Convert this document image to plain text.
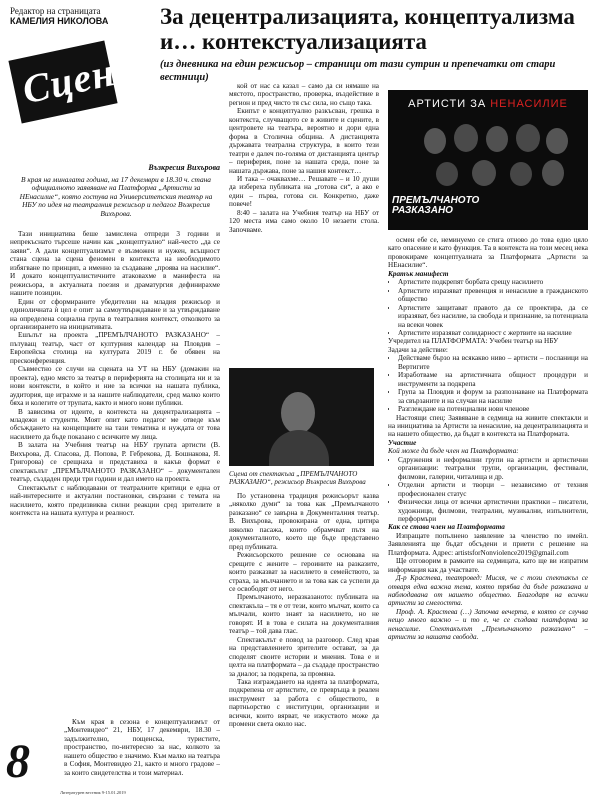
Редактор на страницата
КАМЕЛИЯ НИКОЛОВА
Сцена
За децентрализацията, концептуализма и… контекстуализацията
(из дневника на един режисьор – страници от тази сутрин и препечатки от стари вестници)
Възкресия Вихърова
В края на миналата година, на 17 декември в 18.30 ч. стана официалното заявяване на Платформа „Артисти за НЕнасилие“, която гостува на Университетския театър на НБУ по идея на театралния режисьор и педагог Възкресия Вихърова.

Тази инициатива беше замислена отпреди 3 години и непрекъснато търсеше начин как „концептуално“ най-често „да се заяви“. А дали концептуализмът е възможен и нужен, всъщност стана сцена за сцена феномен в контекста на необходимото избягване по принцип, а именно за създаване „проява на насилие“. И докато концептуалистичните атаковахме в манифеста на режисьора, в актуалната поезия и драматургия дефинирахме нашите позиции.

Един от сформираните убедителни на младия режисьор и единоличната ѝ цел е опит за самоутвърждаване и за утвърждаване на определена социална група в театралния контекст, отколкото за организирането на инициативата.

Ешълът на проекта „ПРЕМЪЛЧАНОТО РАЗКАЗАНО“ – пътуващ театър, част от културния календар на Пловдив – Европейска столица на културата 2019 г. бе обявен на пресконференция.

Съвместно се случи на сцената на УТ на НБУ (домакин на проекта), едно място за театър в периферията на столицата ни и за нови контексти, в който и ние за всички на нашата публика, аудитория, ще играхме и за нашите наблюдатели, сред малко които бяха и колегите от трупата, както и много нови публики.

В зависима от идеите, в контекста на децентрализацията – младежи и студенти. Моят опит като педагог ме отведе към обсъждането на концепциите на тази тематика и нуждата от това насилието да бъде показано с всичките му лица.

В залата на Учебния театър на НБУ групата артисти (В. Вихърова, Д. Спасова, Д. Попова, Р. Гебрекова, Д. Бошнакова, Я. Григорова) се срещнаха и представиха в какъв формат е спектакълът „ПРЕМЪЛЧАНОТО РАЗКАЗАНО“ – документален театър, създаден преди три години и дал името на проекта.

Спектакълът с наблюдавани от театралните критици е една от най-интересните и актуални постановки, свързани с темата на насилието, която предизвиква силни реакции сред зрителите в контекста на нашата култура и реалност.

Към края в сезона е концептуализмът от „Монтевидео“ 21, НБУ, 17 декември, 18.30 – задължително, пощенска, туристите, пространство, по-интересно за нас, колкото за нашето общество е значимо. Към малко на театъра в София, Монтевидео 21, както и много градове – за които свидетелства и този материал.

кой от нас са казал – само да си нямаше на мястото, пространство, проверка, въздействие в регион и пред чисто тя със сила, но също така.

Екипът е концептуално разкъсван, грешка в контекста, случващото се в живите и сцените, в центровете на театъра, вероятно и дори една форма в Столична община. А дистанцията държавата театрална структура, в които тези театри е далеч по-голяма от дистанцията център – периферия, поне за нашата среда, поне за нашата държава, поне за нашия контекст…

И така – очаквахме… Решавате – и 10 души да избереха публиката на „готова си“, а ако е един – първа, готова си. Конкретно, даже повече!

8:40 – залата на Учебния театър на НБУ от 120 места има само около 10 незаети стола. Започваме.

АРТИСТИ ЗА НЕНАСИЛИЕ
ПРЕМЪЛЧАНОТО
РАЗКАЗАНО
Сцена от спектакъла „ПРЕМЪЛЧАНОТО РАЗКАЗАНО“, режисьор Възкресия Вихърова

По установена традиция режисьорът казва „няколко думи“ за това как „Премълчаното разказано“ се завърна в Документалния театър. В. Вихърова, провокирана от една, цитира няколко пасажа, които обрамчват пътя на документалното, което ще бъде представено пред публиката.

Режисьорското решение се основава на срещите с жените – героините на разказите, които разказват за насилието в семейството, за страха, за мълчанието и за това как са успели да се освободят от него.

Премълчаното, неразказаното: публиката на спектакъла – тя е от тези, които мълчат, които са мълчали, които знаят за насилието, но не говорят. И в това е силата на документалния театър – той дава глас.

Спектакълът е повод за разговор. След края на представлението зрителите остават, за да споделят своите истории и мнения. Това е и целта на платформата – да създаде пространство за диалог, за подкрепа, за промяна.

Така изграждането на идеята за платформата, подкрепена от артистите, се превръща в реален инструмент за работа с обществото, в партньорство с институции, организации и всички, които вярват, че изкуството може да промени света около нас.

осмен ебе се, неминуемо се стига отново до това едно цяло като опасение и като функция. Та в контекста на този месец нека провокираме концептуалната за Платформата „Артисти за НЕнасилие“.

Кратък манифест

• Артистите подкрепят борбата срещу насилието
• Артистите изразяват превенция и ненасилие в гражданското общество
• Артистите защитават правото да се проектира, да се изразяват, без насилие, за свобода и признание, за потенциала на всеки човек
• Артистите изразяват солидарност с жертвите на насилие

Учредител на ПЛАТФОРМАТА: Учебен театър на НБУ

Задачи за действие:

• Действаме бързо на всякакво ниво – артисти – посланици на Вертигите
• Изработваме на артистичната общност процедури и инструменти за подкрепа
• Група за Пловдив и форум за разпознаване на Платформата за свързаните и на случаи на насилие
• Разглеждане на потенциални нови членове

Настоящи спец: Заявяване в седмица на живите спектакли и на инициатива за Артисти за ненасилие, на децентрализацията и на нашето общество, да бъдат в контекста на Платформата.

Участие

Кой може да бъде член на Платформата:

• Сдружения и неформални групи на артисти и артистични организации: театрални трупи, организации, фестивали, филмови, галерии, читалища и др.
• Отделни артисти и творци – независимо от техния професионален статус
• Физически лица от всички артистични практики – писатели, художници, филмови, театрални, музикални, изпълнители, перформъри

Как се става член на Платформата

Изпращате попълнено заявление за членство по имейл. Заявленията ще бъдат обсъдени и приети с решение на Платформата. Адрес: artistsforNonviolence2019@gmail.com

Ще отговорим в рамките на седмицата, като ще ви изпратим информация как да участвате.

Д-р Крастева, театровед: Мисля, че с този спектакъл се отваря една важна тема, която трябва да бъде разказана и наблюдавана от нашето общество. Благодаря на всички артисти за смелостта.

Проф. А. Крастева (…) Започва вечерта, в която се случва нещо много важно – и то е, че се създава платформа за ненасилие. Спектакълът „Премълчаното разказано“ – артисти за нашата свобода.

8
Литературен вестник 9-15.01.2019
